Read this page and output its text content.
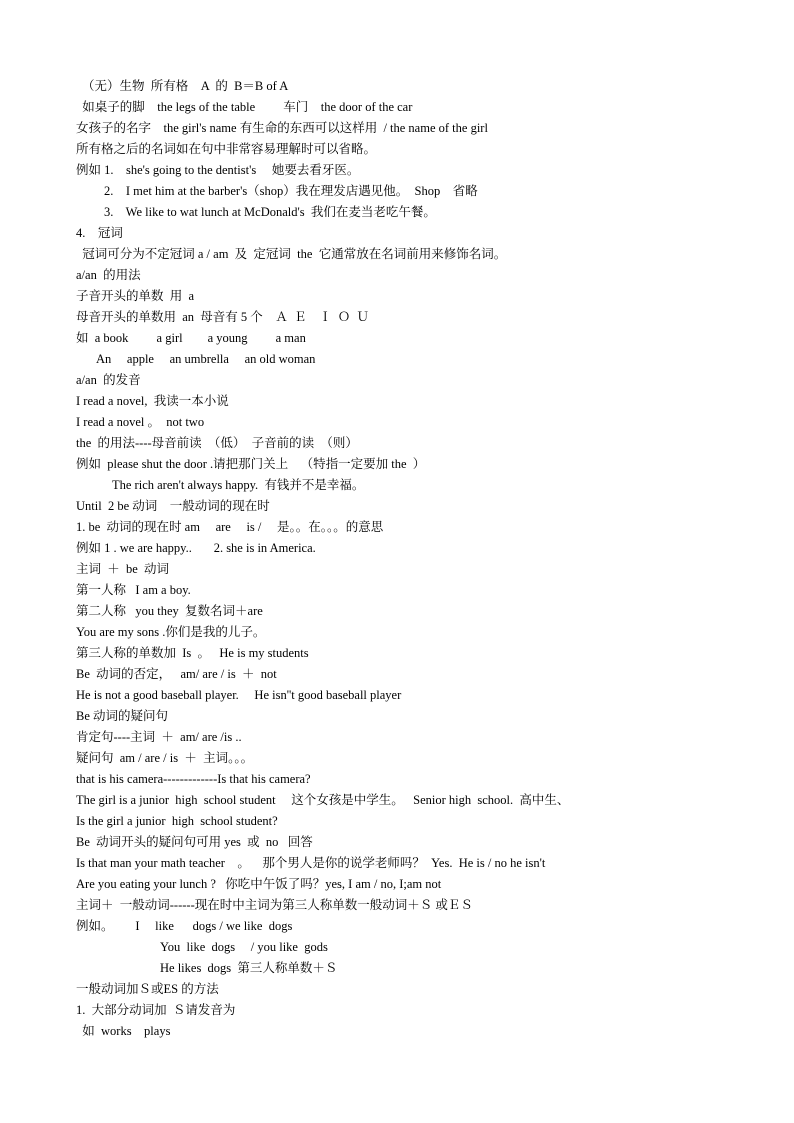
（无）生物  所有格    A  的  B＝B of A
如桌子的脚    the legs of the table         车门    the door of the car
女孩子的名字    the girl's name 有生命的东西可以这样用  / the name of the girl
所有格之后的名词如在句中非常容易理解时可以省略。
例如 1.    she's going to the dentist's     她要去看牙医。
2.    I met him at the barber's（shop）我在理发店遇见他。  Shop    省略
3.    We like to wat lunch at McDonald's  我们在麦当老吃午餐。
4.    冠词
冠词可分为不定冠词 a / am  及  定冠词  the  它通常放在名词前用来修饰名词。
a/an  的用法
子音开头的单数  用  a
母音开头的单数用  an  母音有 5 个    Ａ  Ｅ    Ｉ  Ｏ  Ｕ
如  a book         a girl        a young         a man
An     apple     an umbrella     an old woman
a/an  的发音
I read a novel,  我读一本小说
I read a novel 。  not two
the  的用法----母音前读  （低）  子音前的读  （则）
例如  please shut the door .请把那门关上    （特指一定要加 the  ）
The rich aren't always happy.  有钱并不是幸福。
Until  2 be 动词    一般动词的现在时
1. be  动词的现在时 am     are     is /     是。。在。。。的意思
例如 1 . we are happy..       2. she is in America.
主词  ＋  be  动词
第一人称   I am a boy.
第二人称   you they  复数名词＋are
You are my sons .你们是我的儿子。
第三人称的单数加  Is  。   He is my students
Be  动词的否定，   am/ are / is  ＋  not
He is not a good baseball player.     He isn''t good baseball player
Be 动词的疑问句
肯定句----主词  ＋  am/ are /is ..
疑问句  am / are / is  ＋  主词。。。
that is his camera-------------Is that his camera?
The girl is a junior  high  school student     这个女孩是中学生。   Senior high  school.  高中生、
Is the girl a junior  high  school student?
Be  动词开头的疑问句可用 yes  或  no   回答
Is that man your math teacher    。    那个男人是你的说学老师吗？  Yes.  He is / no he isn't
Are you eating your lunch ?   你吃中午饭了吗？yes, I am / no, I;am not
主词＋  一般动词------现在时中主词为第三人称单数一般动词＋Ｓ 或ＥＳ
例如。       I     like      dogs / we like  dogs
You  like  dogs     / you like  gods
He likes  dogs  第三人称单数＋Ｓ
一般动词加Ｓ或ES 的方法
1.  大部分动词加  Ｓ请发音为
如  works    plays
